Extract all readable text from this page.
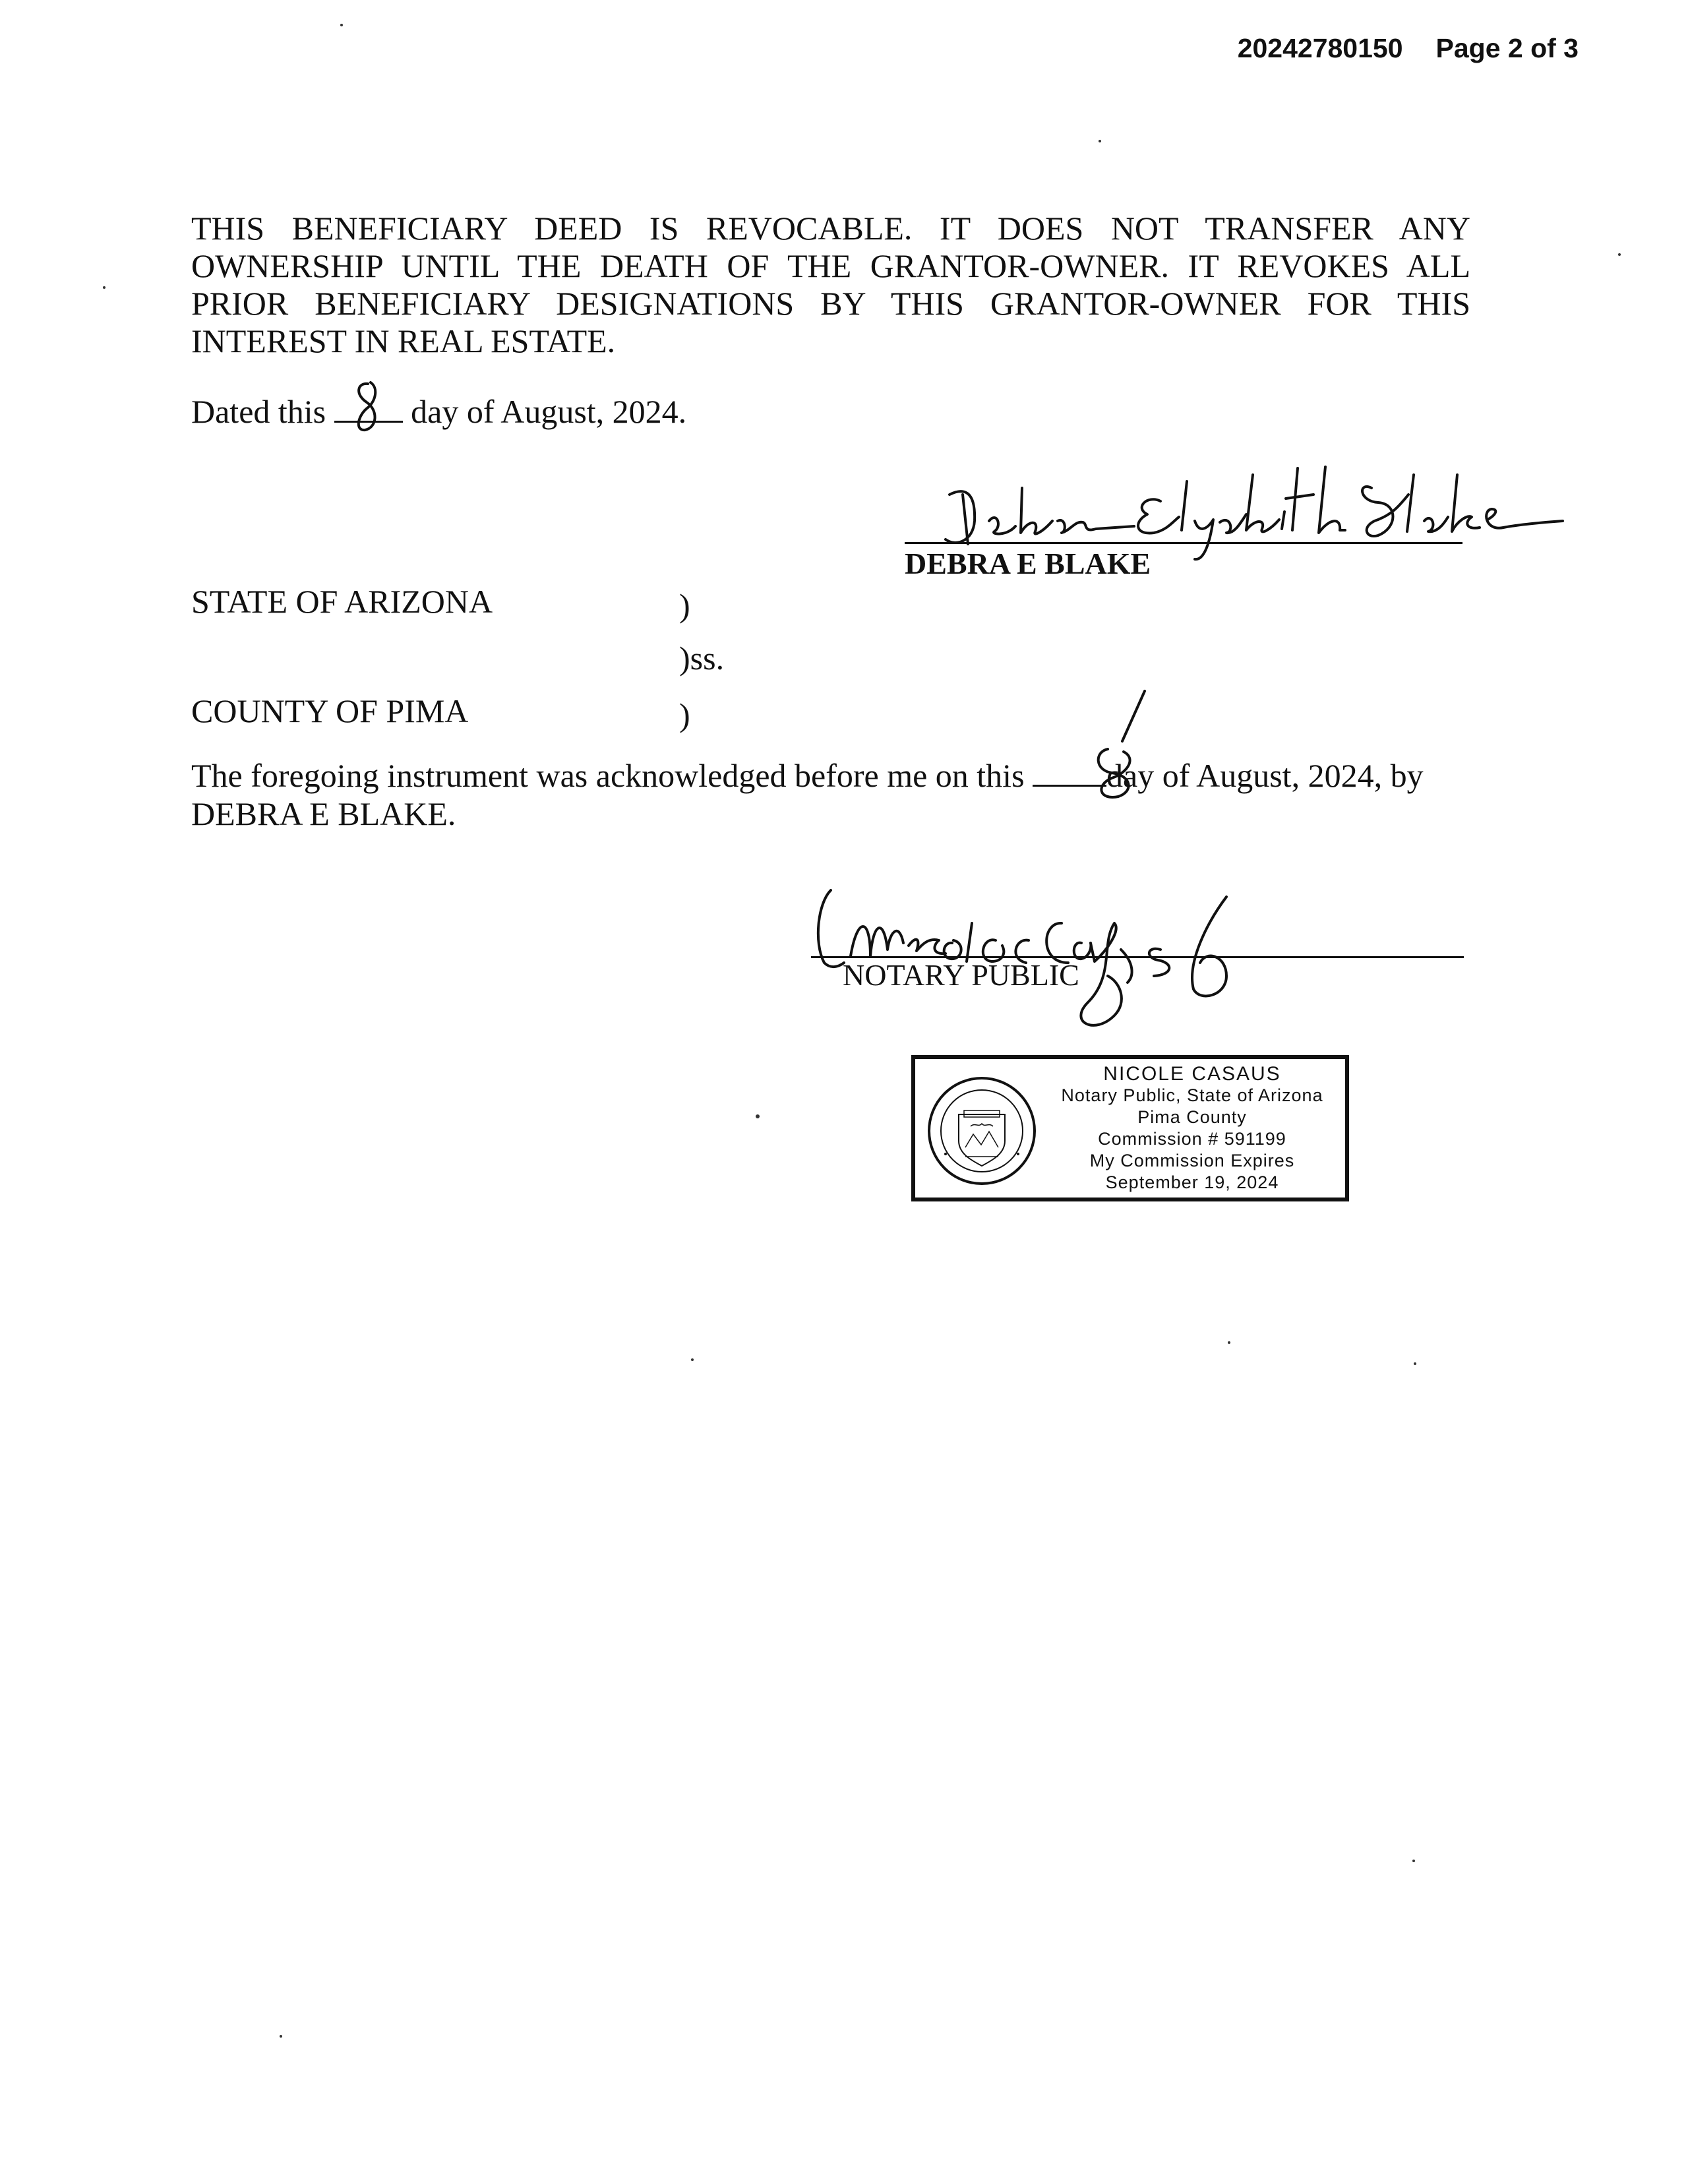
20242780150 Page 2 of 3
THIS BENEFICIARY DEED IS REVOCABLE. IT DOES NOT TRANSFER ANY OWNERSHIP UNTIL THE DEATH OF THE GRANTOR-OWNER. IT REVOKES ALL PRIOR BENEFICIARY DESIGNATIONS BY THIS GRANTOR-OWNER FOR THIS INTEREST IN REAL ESTATE.
Dated this	day of August, 2024.
DEBRA E BLAKE
STATE OF ARIZONA	)
)ss.
COUNTY OF PIMA	)
The foregoing instrument was acknowledged before me on this day of August, 2024, by
DEBRA E BLAKE.
NOTARY PUBLIC
NICOLE CASAUS
Notary Public, State of Arizona
Pima County
Commission # 591199
My Commission Expires
September 19, 2024
